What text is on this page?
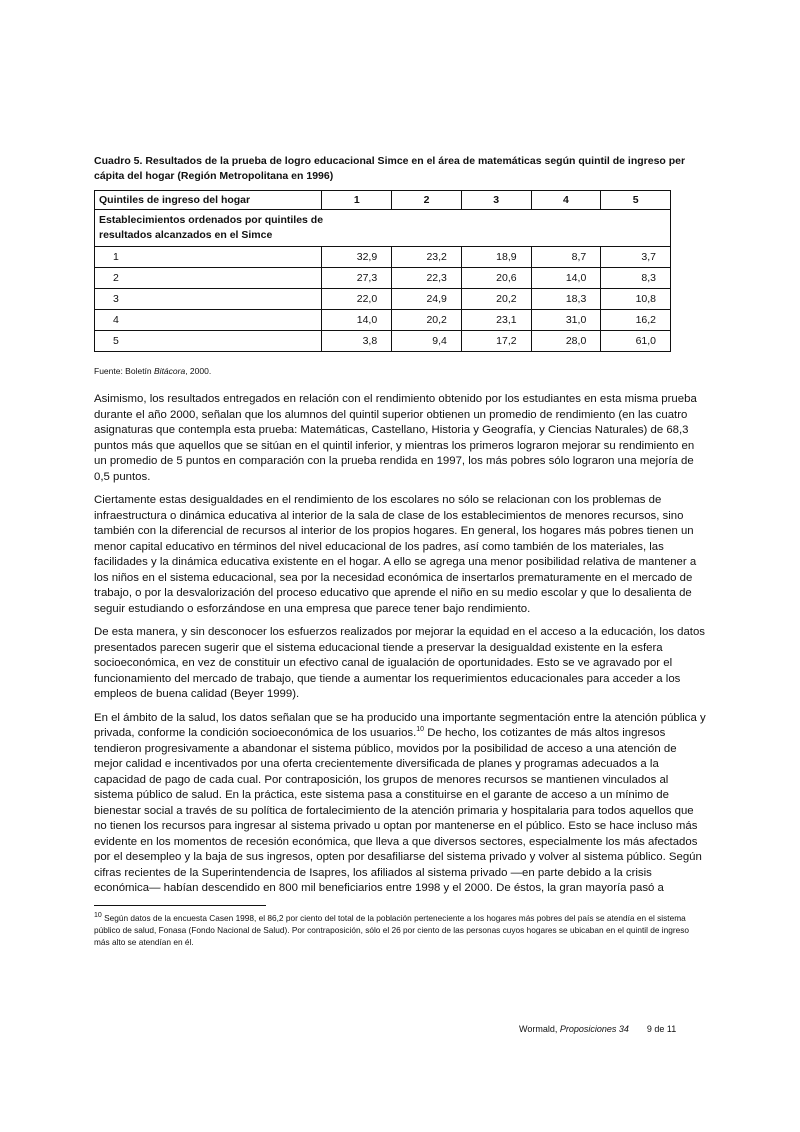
Cuadro 5. Resultados de la prueba de logro educacional Simce en el área de matemáticas según quintil de ingreso per cápita del hogar (Región Metropolitana en 1996)

Quintiles de ingreso del hogar	1	2	3	4	5
Establecimientos ordenados por quintiles de resultados alcanzados en el Simce					
1	32,9	23,2	18,9	8,7	3,7
2	27,3	22,3	20,6	14,0	8,3
3	22,0	24,9	20,2	18,3	10,8
4	14,0	20,2	23,1	31,0	16,2
5	3,8	9,4	17,2	28,0	61,0

Fuente: Boletín Bitácora, 2000.

Asimismo, los resultados entregados en relación con el rendimiento obtenido por los estudiantes en esta misma prueba durante el año 2000, señalan que los alumnos del quintil superior obtienen un promedio de rendimiento (en las cuatro asignaturas que contempla esta prueba: Matemáticas, Castellano, Historia y Geografía, y Ciencias Naturales) de 68,3 puntos más que aquellos que se sitúan en el quintil inferior, y mientras los primeros lograron mejorar su rendimiento en un promedio de 5 puntos en comparación con la prueba rendida en 1997, los más pobres sólo lograron una mejoría de 0,5 puntos.

Ciertamente estas desigualdades en el rendimiento de los escolares no sólo se relacionan con los problemas de infraestructura o dinámica educativa al interior de la sala de clase de los establecimientos de menores recursos, sino también con la diferencial de recursos al interior de los propios hogares. En general, los hogares más pobres tienen un menor capital educativo en términos del nivel educacional de los padres, así como también de los materiales, las facilidades y la dinámica educativa existente en el hogar. A ello se agrega una menor posibilidad relativa de mantener a los niños en el sistema educacional, sea por la necesidad económica de insertarlos prematuramente en el mercado de trabajo, o por la desvalorización del proceso educativo que aprende el niño en su medio escolar y que lo desalienta de seguir estudiando o esforzándose en una empresa que parece tener bajo rendimiento.

De esta manera, y sin desconocer los esfuerzos realizados por mejorar la equidad en el acceso a la educación, los datos presentados parecen sugerir que el sistema educacional tiende a preservar la desigualdad existente en la esfera socioeconómica, en vez de constituir un efectivo canal de igualación de oportunidades. Esto se ve agravado por el funcionamiento del mercado de trabajo, que tiende a aumentar los requerimientos educacionales para acceder a los empleos de buena calidad (Beyer 1999).

En el ámbito de la salud, los datos señalan que se ha producido una importante segmentación entre la atención pública y privada, conforme la condición socioeconómica de los usuarios.$^{10}$ De hecho, los cotizantes de más altos ingresos tendieron progresivamente a abandonar el sistema público, movidos por la posibilidad de acceso a una atención de mejor calidad e incentivados por una oferta crecientemente diversificada de planes y programas adecuados a la capacidad de pago de cada cual. Por contraposición, los grupos de menores recursos se mantienen vinculados al sistema público de salud. En la práctica, este sistema pasa a constituirse en el garante de acceso a un mínimo de bienestar social a través de su política de fortalecimiento de la atención primaria y hospitalaria para todos aquellos que no tienen los recursos para ingresar al sistema privado u optan por mantenerse en el público. Esto se hace incluso más evidente en los momentos de recesión económica, que lleva a que diversos sectores, especialmente los más afectados por el desempleo y la baja de sus ingresos, opten por desafiliarse del sistema privado y volver al sistema público. Según cifras recientes de la Superintendencia de Isapres, los afiliados al sistema privado —en parte debido a la crisis económica— habían descendido en 800 mil beneficiarios entre 1998 y el 2000. De éstos, la gran mayoría pasó a

$^{10}$ Según datos de la encuesta Casen 1998, el 86,2 por ciento del total de la población perteneciente a los hogares más pobres del país se atendía en el sistema público de salud, Fonasa (Fondo Nacional de Salud). Por contraposición, sólo el 26 por ciento de las personas cuyos hogares se ubicaban en el quintil de ingreso más alto se atendían en él.

Wormald, Proposiciones 34 9 de 11
